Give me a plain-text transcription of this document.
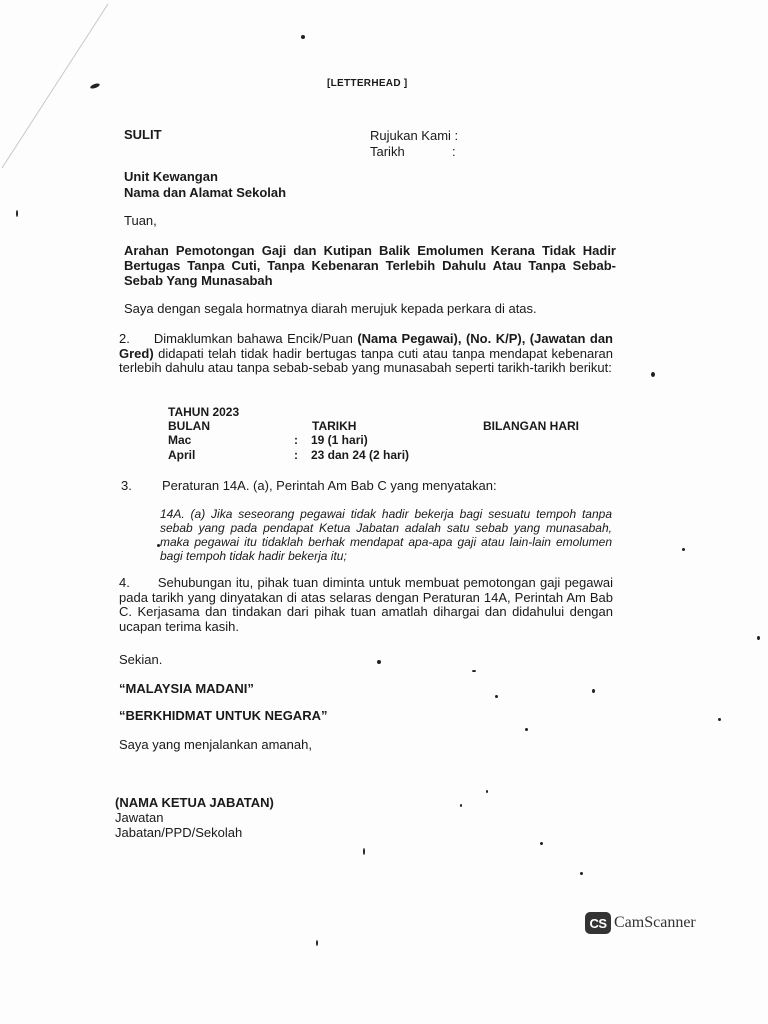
[LETTERHEAD ]
SULIT	Rujukan Kami :
Tarikh	:
Unit Kewangan
Nama dan Alamat Sekolah
Tuan,
Arahan Pemotongan Gaji dan Kutipan Balik Emolumen Kerana Tidak Hadir Bertugas Tanpa Cuti, Tanpa Kebenaran Terlebih Dahulu Atau Tanpa Sebab-Sebab Yang Munasabah
Saya dengan segala hormatnya diarah merujuk kepada perkara di atas.
2. Dimaklumkan bahawa Encik/Puan (Nama Pegawai), (No. K/P), (Jawatan dan Gred) didapati telah tidak hadir bertugas tanpa cuti atau tanpa mendapat kebenaran terlebih dahulu atau tanpa sebab-sebab yang munasabah seperti tarikh-tarikh berikut:
TAHUN 2023
BULAN	TARIKH	BILANGAN HARI
Mac	: 19 (1 hari)
April	: 23 dan 24 (2 hari)
3. Peraturan 14A. (a), Perintah Am Bab C yang menyatakan:
14A. (a) Jika seseorang pegawai tidak hadir bekerja bagi sesuatu tempoh tanpa sebab yang pada pendapat Ketua Jabatan adalah satu sebab yang munasabah, maka pegawai itu tidaklah berhak mendapat apa-apa gaji atau lain-lain emolumen bagi tempoh tidak hadir bekerja itu;
4. Sehubungan itu, pihak tuan diminta untuk membuat pemotongan gaji pegawai pada tarikh yang dinyatakan di atas selaras dengan Peraturan 14A, Perintah Am Bab C. Kerjasama dan tindakan dari pihak tuan amatlah dihargai dan didahului dengan ucapan terima kasih.
Sekian.
“MALAYSIA MADANI”
“BERKHIDMAT UNTUK NEGARA”
Saya yang menjalankan amanah,
(NAMA KETUA JABATAN)
Jawatan
Jabatan/PPD/Sekolah
CS CamScanner
